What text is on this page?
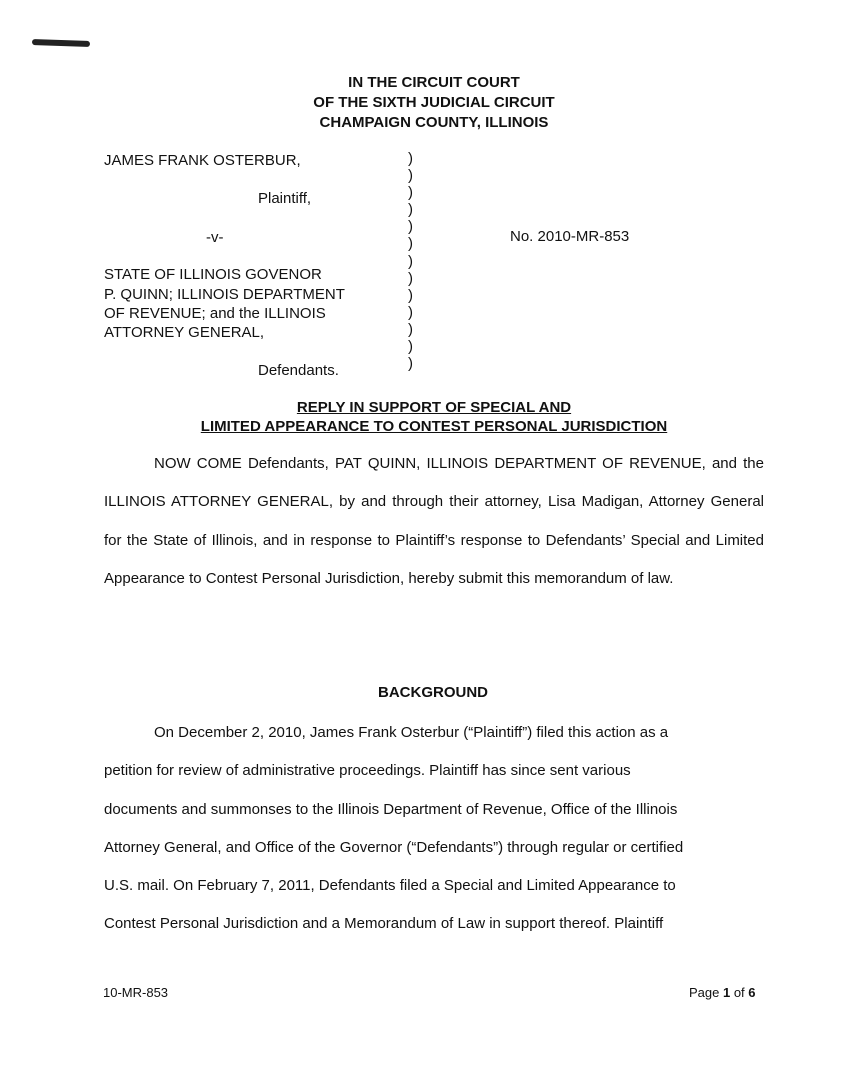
IN THE CIRCUIT COURT
OF THE SIXTH JUDICIAL CIRCUIT
CHAMPAIGN COUNTY, ILLINOIS
JAMES FRANK OSTERBUR,
Plaintiff,
-v-	No. 2010-MR-853
STATE OF ILLINOIS GOVENOR
P. QUINN; ILLINOIS DEPARTMENT
OF REVENUE; and the ILLINOIS
ATTORNEY GENERAL,
Defendants.
)
)
)
)
)
)
)
)
)
)
)
)
)
REPLY IN SUPPORT OF SPECIAL AND
LIMITED APPEARANCE TO CONTEST PERSONAL JURISDICTION
NOW COME Defendants, PAT QUINN, ILLINOIS DEPARTMENT OF REVENUE, and the ILLINOIS ATTORNEY GENERAL, by and through their attorney, Lisa Madigan, Attorney General for the State of Illinois, and in response to Plaintiff’s response to Defendants’ Special and Limited Appearance to Contest Personal Jurisdiction, hereby submit this memorandum of law.
BACKGROUND
On December 2, 2010, James Frank Osterbur (“Plaintiff”) filed this action as a
petition for review of administrative proceedings. Plaintiff has since sent various
documents and summonses to the Illinois Department of Revenue, Office of the Illinois
Attorney General, and Office of the Governor (“Defendants”) through regular or certified
U.S. mail. On February 7, 2011, Defendants filed a Special and Limited Appearance to
Contest Personal Jurisdiction and a Memorandum of Law in support thereof. Plaintiff
10-MR-853	Page 1 of 6
